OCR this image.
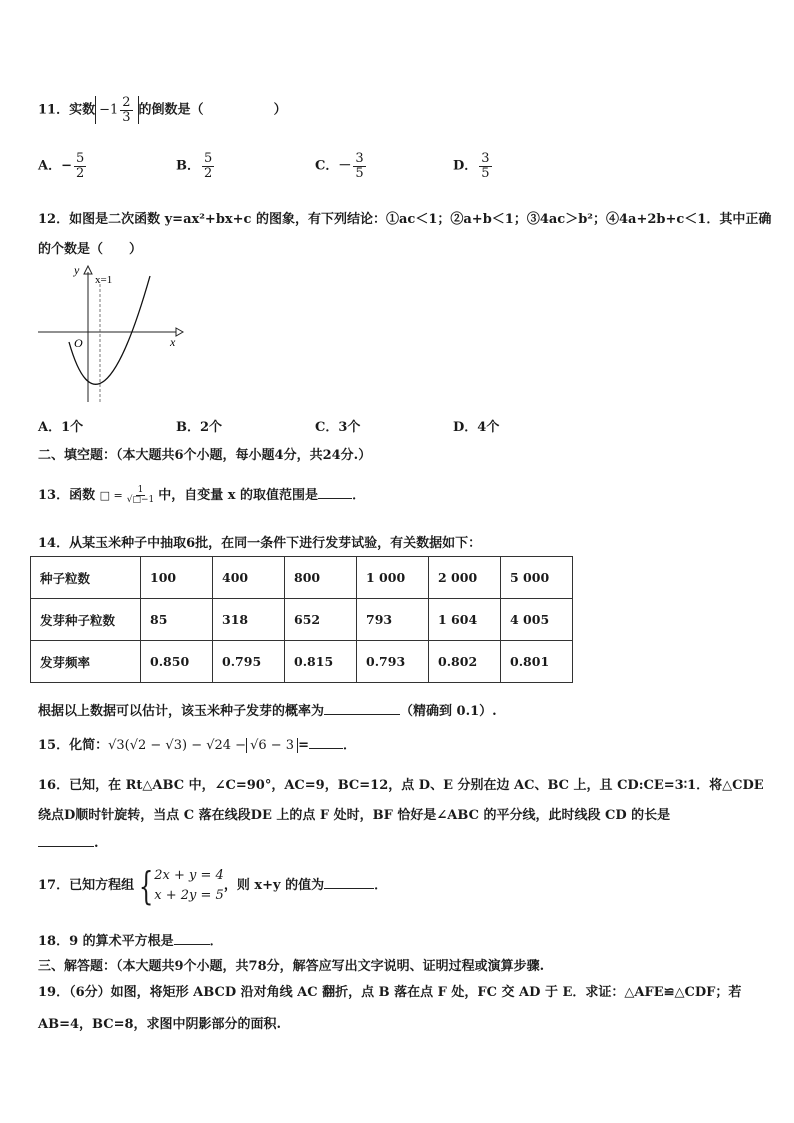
11．实数 $-1 \frac{2}{3}$ 的倒数是（	）
A．− $\frac{5}{2}$	B． $\frac{5}{2}$	C．－ $\frac{3}{5}$	D． $\frac{3}{5}$
12．如图是二次函数 y=ax²+bx+c 的图象，有下列结论：①ac＜1；②a+b＜1；③4ac＞b²；④4a+2b+c＜1．其中正确
的个数是（　　）
y
x=1
O	x
A．1个	B．2个	C．3个	D．4个
二、填空题：（本大题共6个小题，每小题4分，共24分.）
13．函数 □ = $\frac{1}{√□-1}$ 中，自变量 x 的取值范围是	．
14．从某玉米种子中抽取6批，在同一条件下进行发芽试验，有关数据如下：
种子粒数	100	400	800	1 000	2 000	5 000
发芽种子粒数	85	318	652	793	1 604	4 005
发芽频率	0.850	0.795	0.815	0.793	0.802	0.801
根据以上数据可以估计，该玉米种子发芽的概率为	（精确到 0.1）.
15．化简：√3(√2 − √3) − √24 − √6 − 3 =	．
16．已知，在 Rt△ABC 中，∠C=90°，AC=9，BC=12，点 D、E 分别在边 AC、BC 上，且 CD:CE=3∶1．将△CDE
绕点D顺时针旋转，当点 C 落在线段DE 上的点 F 处时，BF 恰好是∠ABC 的平分线，此时线段 CD 的长是
.
17．已知方程组 { 2x + y = 4
x + 2y = 5
，则 x+y 的值为	．
18．9 的算术平方根是	．
三、解答题：（本大题共9个小题，共78分，解答应写出文字说明、证明过程或演算步骤.
19．（6分）如图，将矩形 ABCD 沿对角线 AC 翻折，点 B 落在点 F 处，FC 交 AD 于 E．求证：△AFE≌△CDF；若
AB=4，BC=8，求图中阴影部分的面积.
